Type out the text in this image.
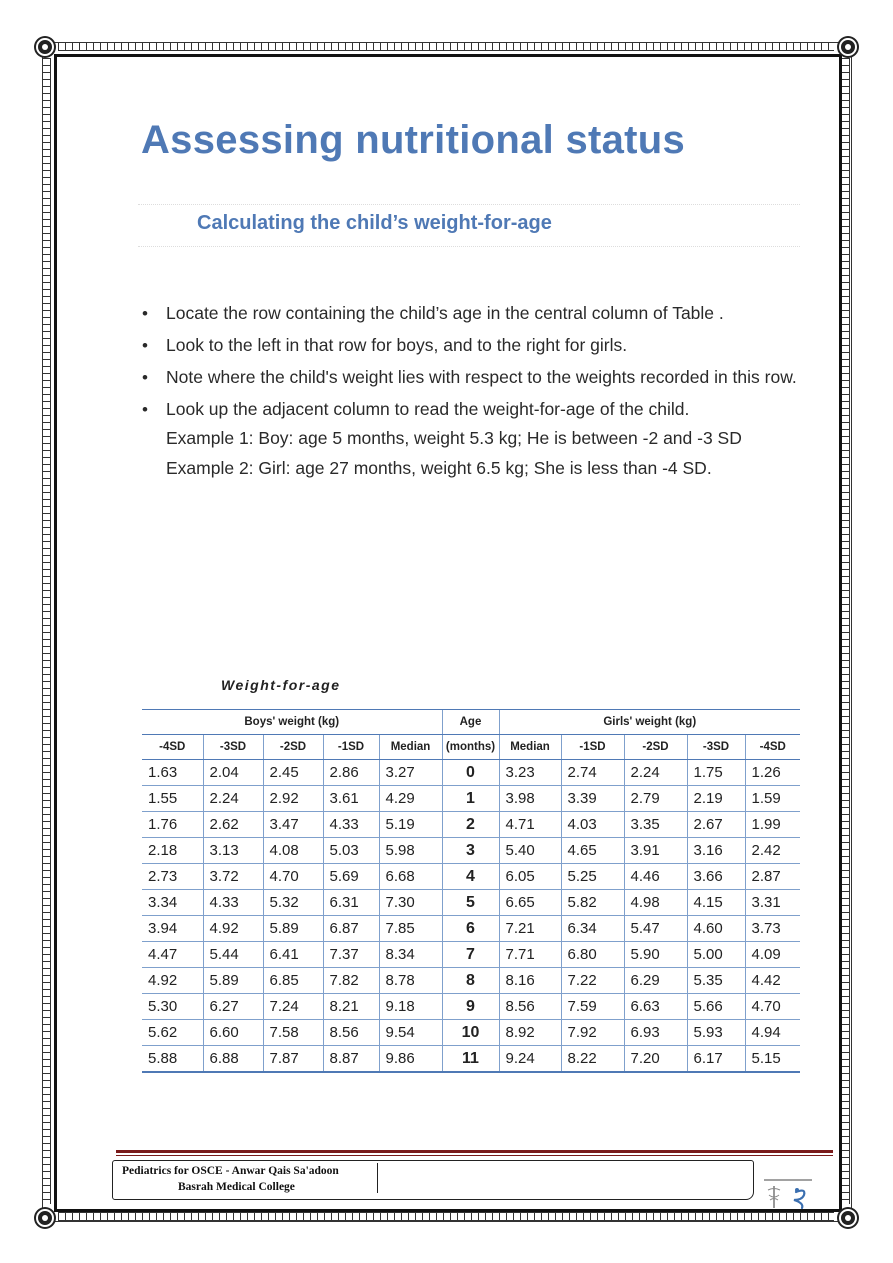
Assessing nutritional status
Calculating the child’s weight-for-age
• Locate the row containing the child’s age in the central column of Table .
• Look to the left in that row for boys, and to the right for girls.
• Note where the child's weight lies with respect to the weights recorded in this row.
• Look up the adjacent column to read the weight-for-age of the child.
Example 1: Boy: age 5 months, weight 5.3 kg; He is between -2 and -3 SD
Example 2: Girl: age 27 months, weight 6.5 kg; She is less than -4 SD.
Weight-for-age
Boys' weight (kg)					Age	Girls' weight (kg)				
-4SD	-3SD	-2SD	-1SD	Median	(months)	Median	-1SD	-2SD	-3SD	-4SD
1.63	2.04	2.45	2.86	3.27	0	3.23	2.74	2.24	1.75	1.26
1.55	2.24	2.92	3.61	4.29	1	3.98	3.39	2.79	2.19	1.59
1.76	2.62	3.47	4.33	5.19	2	4.71	4.03	3.35	2.67	1.99
2.18	3.13	4.08	5.03	5.98	3	5.40	4.65	3.91	3.16	2.42
2.73	3.72	4.70	5.69	6.68	4	6.05	5.25	4.46	3.66	2.87
3.34	4.33	5.32	6.31	7.30	5	6.65	5.82	4.98	4.15	3.31
3.94	4.92	5.89	6.87	7.85	6	7.21	6.34	5.47	4.60	3.73
4.47	5.44	6.41	7.37	8.34	7	7.71	6.80	5.90	5.00	4.09
4.92	5.89	6.85	7.82	8.78	8	8.16	7.22	6.29	5.35	4.42
5.30	6.27	7.24	8.21	9.18	9	8.56	7.59	6.63	5.66	4.70
5.62	6.60	7.58	8.56	9.54	10	8.92	7.92	6.93	5.93	4.94
5.88	6.88	7.87	8.87	9.86	11	9.24	8.22	7.20	6.17	5.15
Pediatrics for OSCE - Anwar Qais Sa'adoon
Basrah Medical College
